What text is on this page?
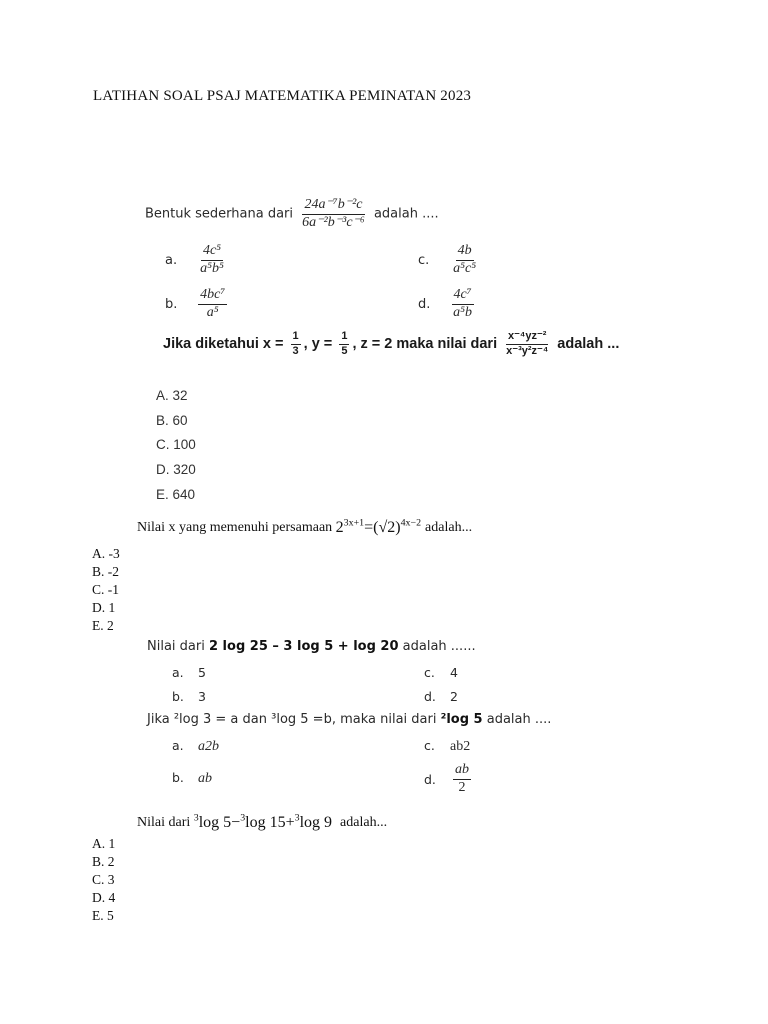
LATIHAN SOAL PSAJ MATEMATIKA PEMINATAN 2023
Bentuk sederhana dari $\frac{\text{24a⁻⁷b⁻²c}}{\text{6a⁻²b⁻³c⁻⁶}}$ adalah ....
a. $\frac{\text{4c⁵}}{\text{a⁵b⁵}}$	c. $\frac{4b}{\text{a⁵c⁵}}$
b. $\frac{\text{4bc⁷}}{\text{a⁵}}$	d. $\frac{\text{4c⁷}}{\text{a⁵b}}$
Jika diketahui $x = \frac{1}{3}$ , $y = \frac{1}{5}$ , z = 2 maka nilai dari $\frac{\text{x⁻⁴yz⁻²}}{\text{x⁻³y²z⁻⁴}}$ adalah ...
A. 32
B. 60
C. 100
D. 320
E. 640
Nilai x yang memenuhi persamaan $2^{3x+1}=(√2)^{4x-2}$ adalah...
A. -3
B. -2
C. -1
D. 1
E. 2
Nilai dari 2 log 25 – 3 log 5 + log 20 adalah ......
a. 5	c. 4
b. 3	d. 2
Jika ²log 3 = a dan ³log 5 =b, maka nilai dari ²log 5 adalah ....
a. a2b	c. ab2
b. ab	d. $\frac{ab}{2}$
Nilai dari $^3$log 5−$^3$log 15+$^3$log 9 adalah...
A. 1
B. 2
C. 3
D. 4
E. 5
